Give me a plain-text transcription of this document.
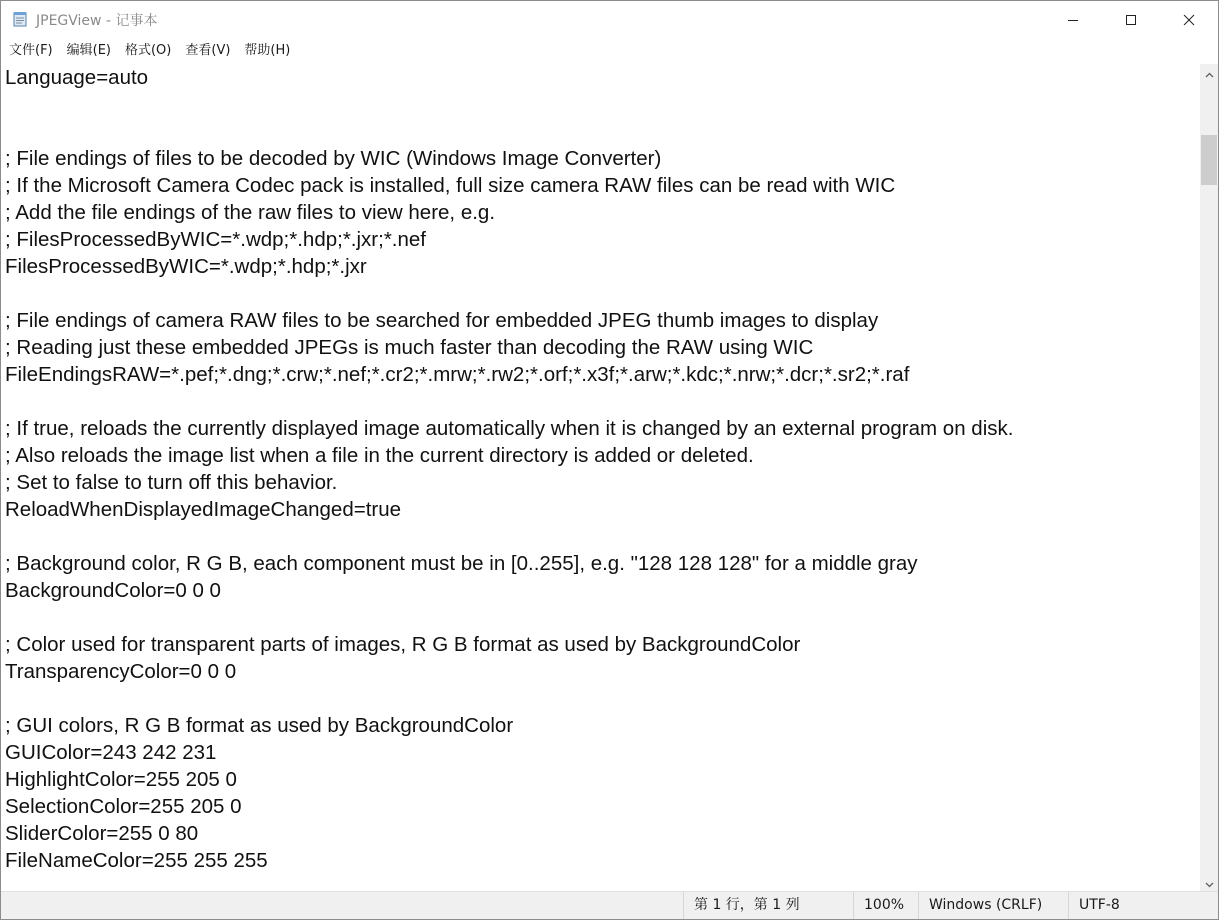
JPEGView - 记事本
文件(F)	编辑(E)	格式(O)	查看(V)	帮助(H)
Language=auto
; File endings of files to be decoded by WIC (Windows Image Converter)
; If the Microsoft Camera Codec pack is installed, full size camera RAW files can be read with WIC
; Add the file endings of the raw files to view here, e.g.
; FilesProcessedByWIC=*.wdp;*.hdp;*.jxr;*.nef
FilesProcessedByWIC=*.wdp;*.hdp;*.jxr
; File endings of camera RAW files to be searched for embedded JPEG thumb images to display
; Reading just these embedded JPEGs is much faster than decoding the RAW using WIC
FileEndingsRAW=*.pef;*.dng;*.crw;*.nef;*.cr2;*.mrw;*.rw2;*.orf;*.x3f;*.arw;*.kdc;*.nrw;*.dcr;*.sr2;*.raf
; If true, reloads the currently displayed image automatically when it is changed by an external program on disk.
; Also reloads the image list when a file in the current directory is added or deleted.
; Set to false to turn off this behavior.
ReloadWhenDisplayedImageChanged=true
; Background color, R G B, each component must be in [0..255], e.g. "128 128 128" for a middle gray
BackgroundColor=0 0 0
; Color used for transparent parts of images, R G B format as used by BackgroundColor
TransparencyColor=0 0 0
; GUI colors, R G B format as used by BackgroundColor
GUIColor=243 242 231
HighlightColor=255 205 0
SelectionColor=255 205 0
SliderColor=255 0 80
FileNameColor=255 255 255
第 1 行，第 1 列	100%	Windows (CRLF)	UTF-8
